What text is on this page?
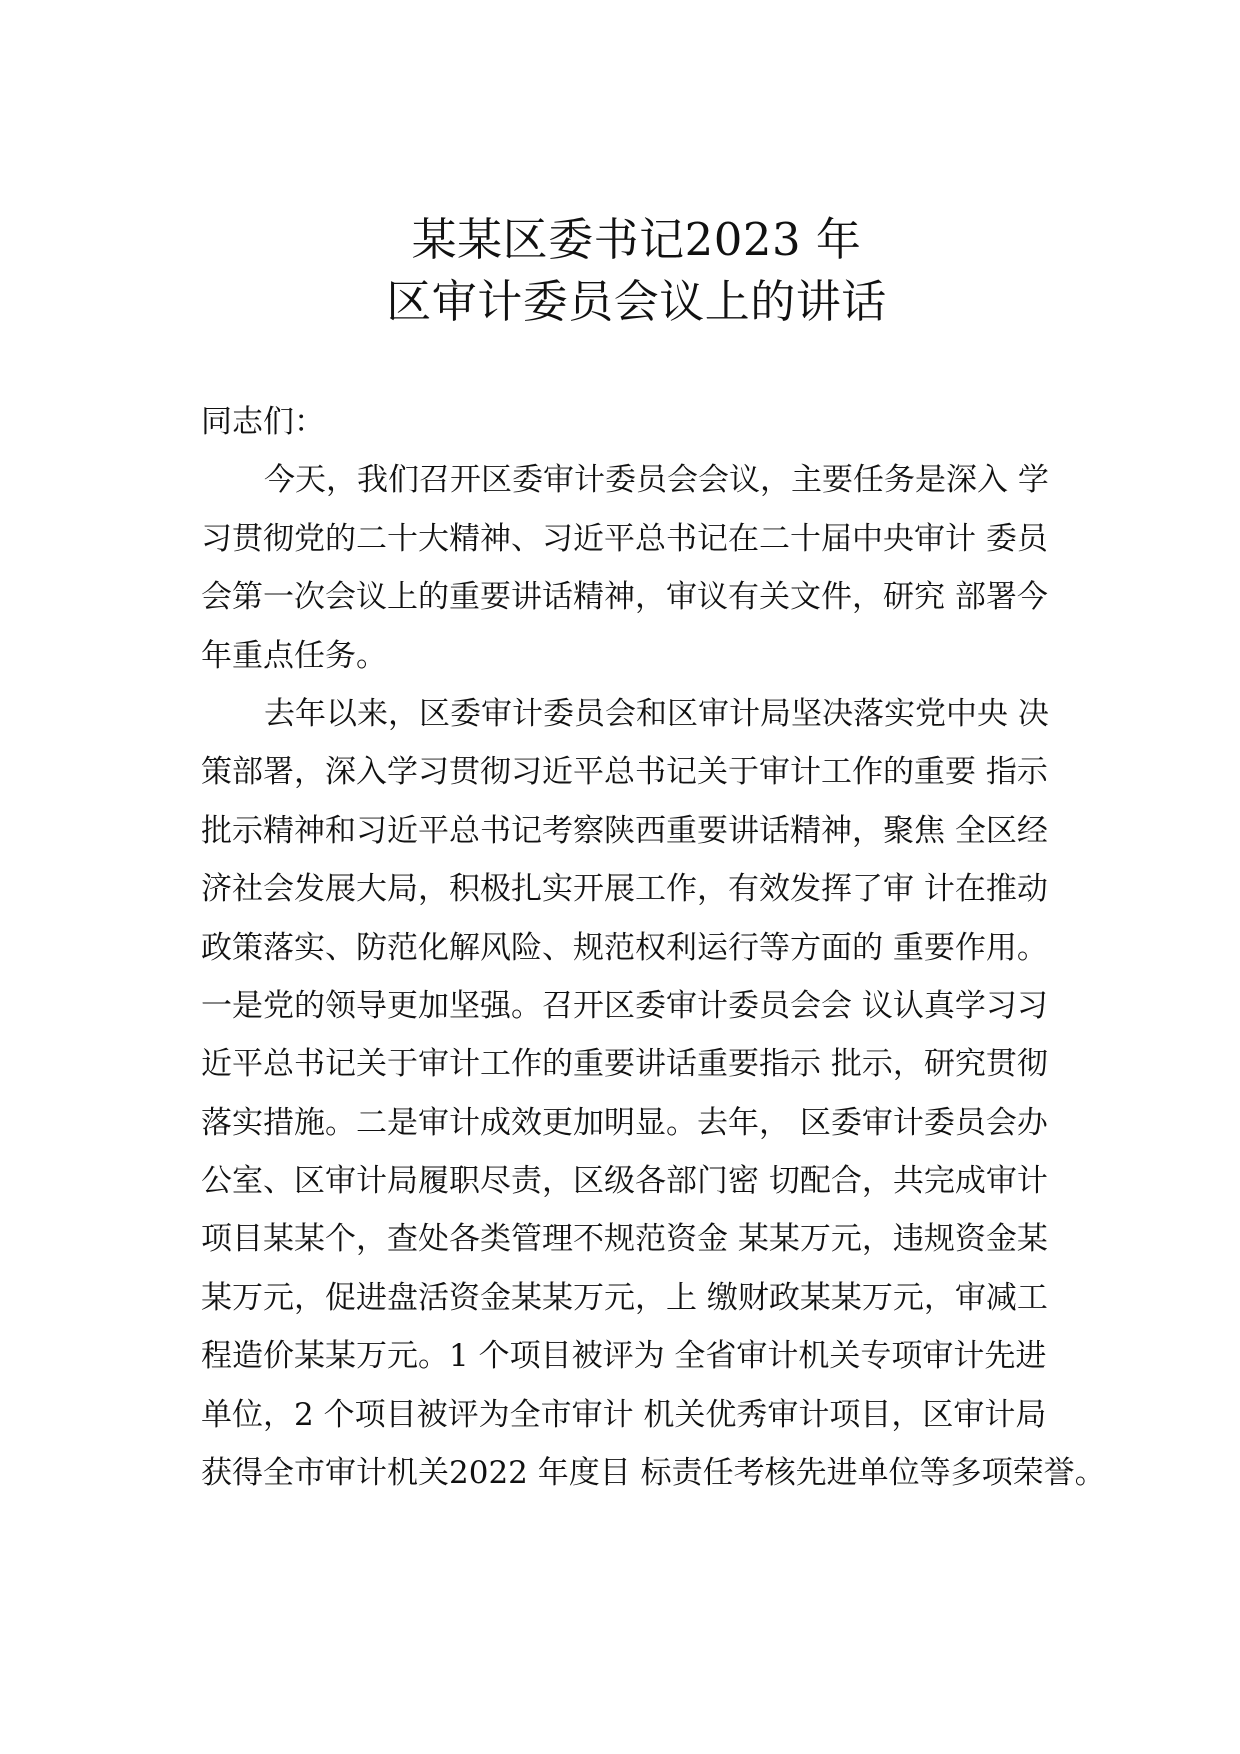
某某区委书记2023 年
区审计委员会议上的讲话
同志们：
今天，我们召开区委审计委员会会议，主要任务是深入 学
习贯彻党的二十大精神、习近平总书记在二十届中央审计 委员
会第一次会议上的重要讲话精神，审议有关文件，研究 部署今
年重点任务。
去年以来，区委审计委员会和区审计局坚决落实党中央 决
策部署，深入学习贯彻习近平总书记关于审计工作的重要 指示
批示精神和习近平总书记考察陕西重要讲话精神，聚焦 全区经
济社会发展大局，积极扎实开展工作，有效发挥了审 计在推动
政策落实、防范化解风险、规范权利运行等方面的 重要作用。
一是党的领导更加坚强。召开区委审计委员会会 议认真学习习
近平总书记关于审计工作的重要讲话重要指示 批示，研究贯彻
落实措施。二是审计成效更加明显。去年， 区委审计委员会办
公室、区审计局履职尽责，区级各部门密 切配合，共完成审计
项目某某个，查处各类管理不规范资金 某某万元，违规资金某
某万元，促进盘活资金某某万元，上 缴财政某某万元，审减工
程造价某某万元。1 个项目被评为 全省审计机关专项审计先进
单位，2 个项目被评为全市审计 机关优秀审计项目，区审计局
获得全市审计机关2022 年度目 标责任考核先进单位等多项荣誉。
